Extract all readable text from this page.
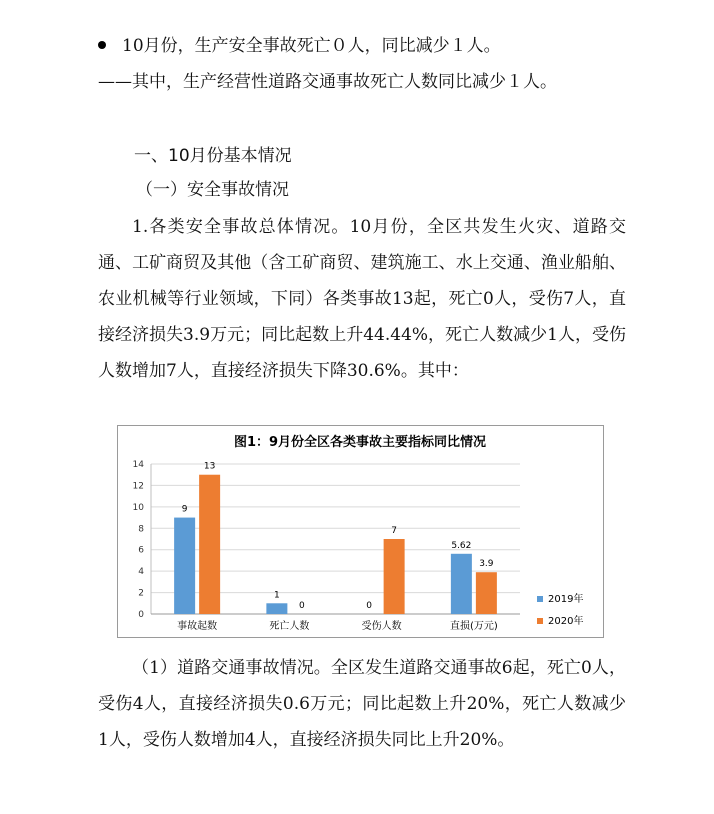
10月份，生产安全事故死亡０人，同比减少１人。
——其中，生产经营性道路交通事故死亡人数同比减少１人。
一、10月份基本情况
（一）安全事故情况
1.各类安全事故总体情况。10月份，全区共发生火灾、道路交通、工矿商贸及其他（含工矿商贸、建筑施工、水上交通、渔业船舶、农业机械等行业领域，下同）各类事故13起，死亡0人，受伤7人，直接经济损失3.9万元；同比起数上升44.44%，死亡人数减少1人，受伤人数增加7人，直接经济损失下降30.6%。其中：
图1：9月份全区各类事故主要指标同比情况
0
2
4
6
8
10
12
14
事故起数
9
13
死亡人数
1
0
受伤人数
0
7
直损(万元)
5.62
3.9
2019年
2020年
（1）道路交通事故情况。全区发生道路交通事故6起，死亡0人，受伤4人，直接经济损失0.6万元；同比起数上升20%，死亡人数减少1人，受伤人数增加4人，直接经济损失同比上升20%。
